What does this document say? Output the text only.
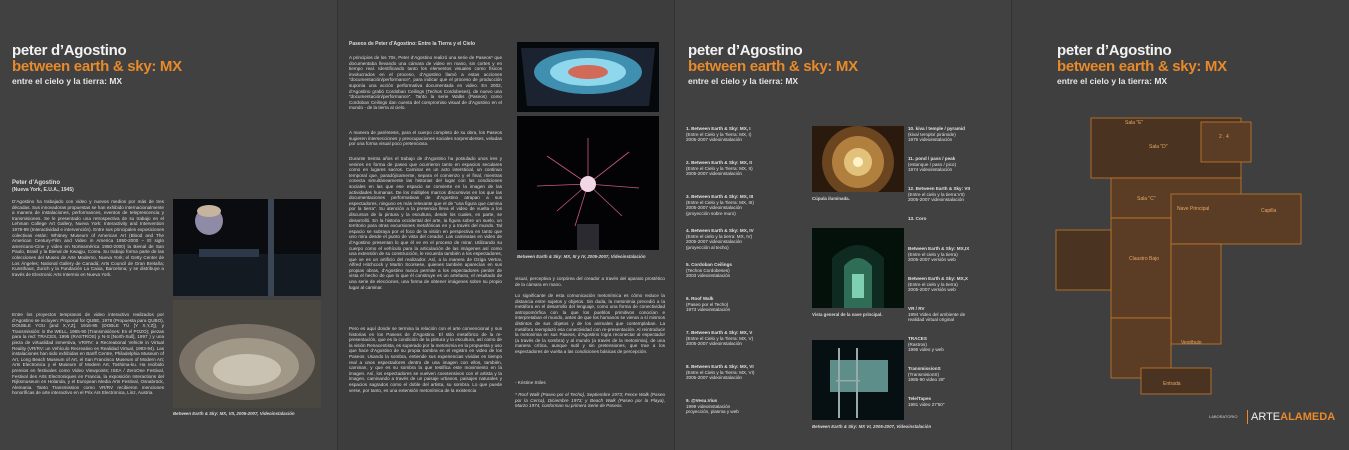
peter d’Agostino
between earth & sky: MX
entre el cielo y la tierra: MX
Peter d’Agostino
(Nueva York, E.U.A., 1945)
D’Agostino ha trabajado con video y nuevos medios por más de tres décadas. Sus innovadoras propuestas se han exhibido internacionalmente a manera de instalaciones, performances, eventos de teleprescencia y transmisiones. Se le presentado una retrospectiva de su trabajo en el Lehman College Art Gallery, Nueva York: Interactivity and Intervention 1978-99 (Interactividad e intervención). Entre sus principales exposiciones colectivas están: Whitney Museum of American Art (Blood and The American Century-Film and Video in America 1950-2000 – El siglo americano-Cine y video en Norteamérica 1950-2000) la Bienal de San Paulo, Brasil y la Bienal de Kwagju, Corea. Su trabajo forma parte de las colecciones del Museo de Arte Moderno, Nueva York; el Getty Center de Los Ángeles; National Gallery de Canadá; Arts Council de Gran Bretaña; Kunsthaus, Zurich y la Fundación La Caixa, Barcelona; y se distribuye a través de Electronic Arts Intermix en Nueva York.
Entre los proyectos tempranos de video interactivo realizados por d’Agostino se incluyen: Proposal for QUBE, 1978 (Propuesta para QUBO), DOUBLE YOU [and X,Y,Z], 1916-85 (DOBLE TÚ [Y X,Y,Z]), y Transmissión: in the WELL, 1985-90 (Transmisiónes: En el POZO); piezas para la red: TRACES, 1995 (RASTROS) y N-S [North-Sull], 1997 ) y una pieza de virtualidad inmersiva, VR/RV: a Recreational Vehicle in Virtual Reality (VR/RV: un Vehículo Recreativo en Realidad Virtual, 1993-94). Las instalaciones han sido exhibidas en Banff Centre, Philadelphia Museum of Art, Long Beach Museum of Art, el San Francisco Museum of Modern Art; Arts Electronica y el Museum of Modern Art, Toshima-ku. Ha recibido premios en festivales como Video Viewpoints; ISEA / ZeroOne Festival, Festival des Arts Electroniques en Francia, la exposición Interactions del Rijksmuseum en Holanda, y el European Media Arts Festival, Osnabrück, Alemania. Tanto Transmission como VR/RV recibieron menciones honoríficas de arte interactivo en el Prix Ars Electronica, Linz, Austria.
Between Earth & Sky: MX, VII, 2005-2007, Videoinstalación
Paseos de Peter d’Agostino: Entre la Tierra y el Cielo
A principios de los 70s, Peter d’Agostino realizó una serie de Paseos* que documentaba llevando una cámara de video en mano, sin cortes y en tiempo real. Identificando tanto los elementos visuales como físicos involucrados en el proceso, d’Agostino llamó a estas acciones “documentación/performance”, para indicar que el proceso de producción suponía una acción performativa documentada en video. En 2002, d’Agostino grabó Cordoban Ceilings (Techos Cordobeses), de nuevo una “documentación/performance”. Tanto la serie Walks (Paseos) como Cordoban Ceilings dan cuenta del compromiso visual de d’Agostino en el mundo - de la tierra al cielo.
A manera de paréntesis, para el cuerpo completo de su obra, los Paseos sugieren intersecciones y preocupaciones sociales sorprendentes, veladas por una forma visual poco pretenciosa.
Durante treinta años el trabajo de d’Agostino ha postulado unos ires y venires en forma de paseo que ocurrieron tanto en espacios seculares como en lugares sacros. Caminar es un acto intersticial, un continuo temporal que, paradójicamente, separa el comienzo y el final, mientras conecta simultáneamente las historias del lugar con las condiciones sociales en las que ese espacio se convierte en la imagen de las actividades humanas. De los múltiples marcos discursivos en los que las documentaciones performativas de d’Agostino atrapan a sus espectadores, ninguno es más relevante que el de “una figura que camina por la tierra”. Su atención a la presencia lleva el video de vuelta a los discursos de la pintura y la escultura, desde los cuales, en parte, se desarrolló. En la historia occidental del arte, la figura sobre un suelo, un territorio para otras excursiones metafóricas en y a través del mundo. Tal espacio se subraya por el foco de la visión en perspectiva en tanto que uno mira desde el punto de vista del creador. Las caminatas en video de d’Agostino presentan lo que él ve en el proceso de mirar. Utilizando su cuerpo como el vehículo para la articulación de las imágenes así como una extensión de su construcción, le recuerda también a los espectadores, que ve es un artificio del realizador. Así, a la manera de Dziga Vertov, Alfred Hitchcock y Martin Scorsese, quienes también aparecían en sus propias obras, d’Agostino nunca permite a los espectadores perder de vista el hecho de que lo que él construye es un artefacto, el resultado de una serie de elecciones, una forma de obtener imágenes sobre su propio lugar al caminar.
Pero es aquí donde se termina la relación con el arte convencional y sus historias en los Paseos de d’Agostino. El stilo metafórico de la re-presentación, que es la condición de la pintura y la escultura, así como de la visión Renacentista, es superado por la metonimia en la propuesta y uso que hace d’Agostino de su propia sombra en el registro en video de los Paseos. Usando la sombra, entiende sus experiencias vividas en tiempo real a unos espectadores dentro de una imagen con ellos, también, caminan, y que es su sombra la que testifica este movimiento en la imagen. Así, los espectadores se vuelven coextensivos con el artista y la imagen, caminando a través de un paisaje urbanos, paisajes naturales y espacios sagrados como el doble del artista, su sombra. Lo que puede verse, por tanto, es una extensión metonímica de la existencia
Between Earth & Sky: MX, III y IV, 2005-2007, Videoinstalación
visual, perceptiva y corpórea del creador a través del aparato prostético de la cámara en mano.
Lo significante de esta comunicación metonímica es cómo reduce la distancia entre sujetos y objetos. Sin duda, la metonimia precedió a la metáfora en el desarrollo del lenguaje, como una forma de conectividad antropomórfica con la que los pueblos primitivos conocían e interpretaban el mundo, antes de que los humanos se vieran a sí mismos distintos de sus objetos y de los animales que contemplaban. La metáfora reemplazó esa conectividad con re-presentación. Al reintroducir la metonimia en sus Paseos, d’Agostino logra reconectar al espectador (a través de la sombra) y al mundo (a través de la metonimia), de una manera crítica, aunque sutil y sin pretensiones, que trae a los espectadores de vuelta a las condiciones básicas de percepción.
- Kristine Stiles
* Roof Walk (Paseo por el Techo), Septiembre 1973; Fence Walk (Paseo por la Cerca), Diciembre 1973; y Beach Walk (Paseo por la Playa), Marzo 1974, conforman su primera Serie de Paseos.
peter d’Agostino
between earth & sky: MX
entre el cielo y la tierra: MX
1. Between Earth & Sky: MX, I
(Entre el Cielo y la Tierra: MX, I)
2005-2007 videoinstalación
2. Between Earth & Sky: MX, II
(Entre el Cielo y la Tierra: MX, II)
2005-2007 videoinstalación
3. Between Earth & Sky: MX, III
(Entre el Cielo y la Tierra: MX, III)
2005-2007 videoinstalación
(proyección sobre muro)
4. Between Earth & Sky: MX, IV
(Entre el cielo y la tierra: MX, IV)
2005-2007 videoinstalación
(proyección al techo)
5. Cordoban Ceilings
(Techos Cordobeses)
2003 videoinstalación
6. Roof Walk
(Paseo por el Techo)
1973 videoinstalación
7. Between Earth & Sky: MX, V
(Entre el Cielo y la Tierra: MX, V)
2005-2007 videoinstalación
8. Between Earth & Sky: MX, VI
(Entre el Cielo y la Tierra: MX, VI)
2005-2007 videoinstalación
9. @Vesu.Vius
1999 videoinstalación
proyección, plasma y web
Cúpula iluminada.
Vista general de la nave principal.
Between Earth & Sky: MX VI, 2005-2007, Videoinstalación
10. kiva / temple / pyramid
(kiva/ templo/ pirámide)
1975 videoinstalación
11. pond / pass / peak
(estanque / paso / pico)
1974 videoinstalación
12. Between Earth & Sky: VII
(Entre el cielo y la tierra:VII)
2005-2007 videoinstalación
13. Coro
Between Earth & Sky: MX,IX
(Entre el cielo y la tierra)
2005-2007 versión web
Between Earth & Sky: MX,X
(Entre el cielo y la tierra)
2005-2007 versión web
VR / RV
1994 Video del ambiente de
realidad virtual original
TRACES
(Rastros)
1995 video y web
TransmissionS
(TransmisionS)
1985-90 video 28"
Tele/Tapes
1981 video 27'50"
peter d’Agostino
between earth & sky: MX
entre el cielo y la tierra: MX
Sala "E"
Sala "D"
2 . 4
Sala "C"
Nave Principal	Capilla
Claustro Bajo
Vestíbulo
Entrada
LABORATORIO ARTEALAMEDA
